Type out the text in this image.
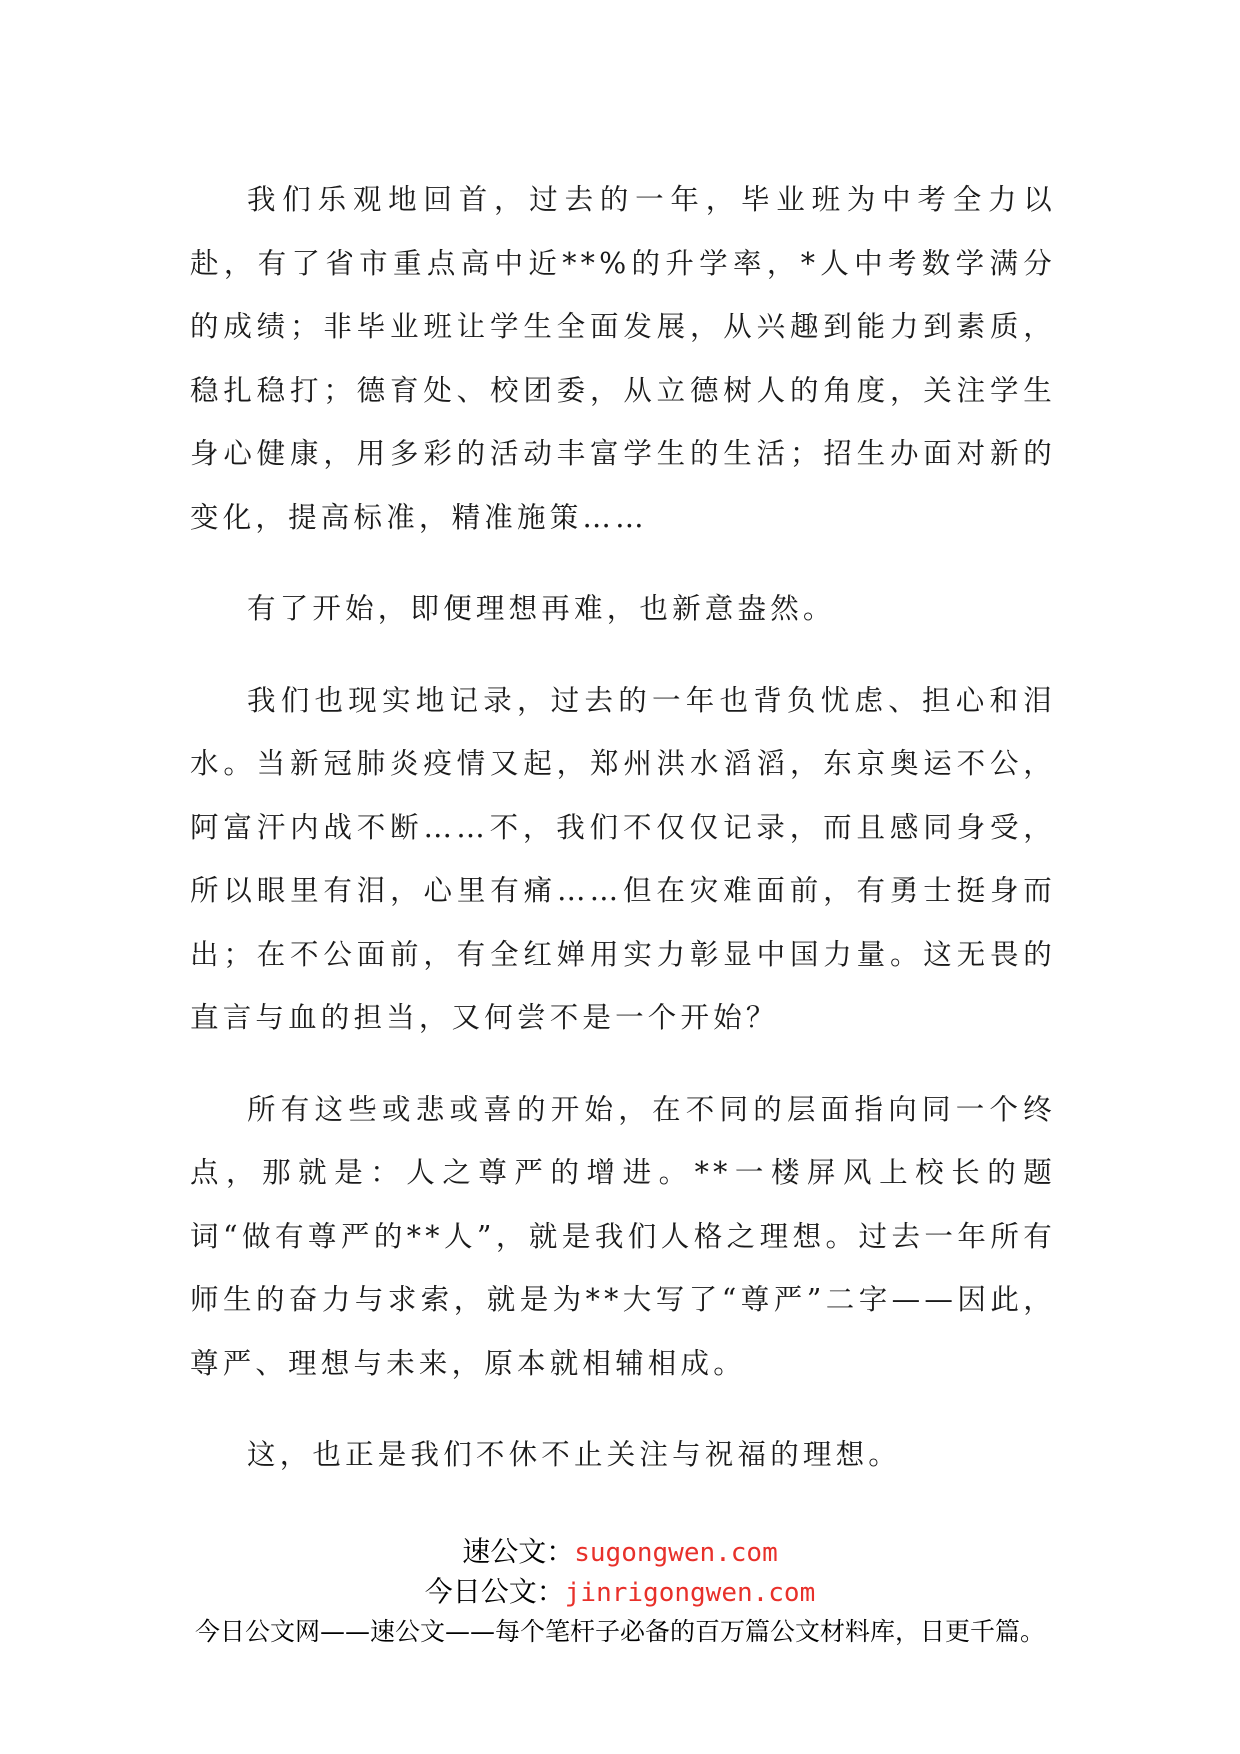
我们乐观地回首，过去的一年，毕业班为中考全力以赴，有了省市重点高中近**%的升学率，*人中考数学满分的成绩；非毕业班让学生全面发展，从兴趣到能力到素质，稳扎稳打；德育处、校团委，从立德树人的角度，关注学生身心健康，用多彩的活动丰富学生的生活；招生办面对新的变化，提高标准，精准施策……

有了开始，即便理想再难，也新意盎然。

我们也现实地记录，过去的一年也背负忧虑、担心和泪水。当新冠肺炎疫情又起，郑州洪水滔滔，东京奥运不公，阿富汗内战不断……不，我们不仅仅记录，而且感同身受，所以眼里有泪，心里有痛……但在灾难面前，有勇士挺身而出；在不公面前，有全红婵用实力彰显中国力量。这无畏的直言与血的担当，又何尝不是一个开始？

所有这些或悲或喜的开始，在不同的层面指向同一个终点，那就是：人之尊严的增进。**一楼屏风上校长的题词“做有尊严的**人”，就是我们人格之理想。过去一年所有师生的奋力与求索，就是为**大写了“尊严”二字——因此，尊严、理想与未来，原本就相辅相成。

这，也正是我们不休不止关注与祝福的理想。

速公文：sugongwen.com
今日公文：jinrigongwen.com
今日公文网——速公文——每个笔杆子必备的百万篇公文材料库，日更千篇。
